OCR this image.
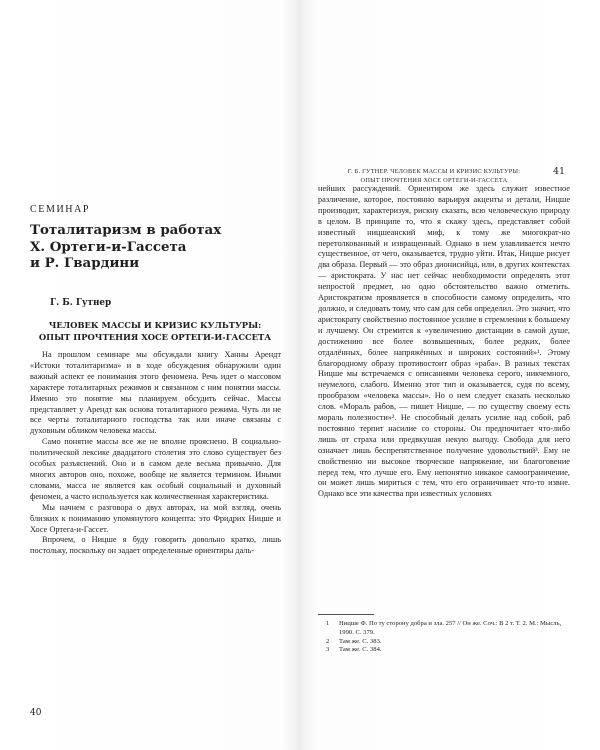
СЕМИНАР
Тоталитаризм в работах
Х. Ортеги-и-Гассета
и Р. Гвардини
Г. Б. Гутнер
ЧЕЛОВЕК МАССЫ И КРИЗИС КУЛЬТУРЫ:
ОПЫТ ПРОЧТЕНИЯ ХОСЕ ОРТЕГИ-И-ГАССЕТА

На прошлом семинаре мы обсуждали книгу Ханны Арендт «Истоки тоталитаризма» и в ходе обсуждения обнаружили один важный аспект ее понимания этого феномена. Речь идет о массовом характере тоталитарных режимов и связанном с ним понятии массы. Именно это понятие мы планируем обсудить сейчас. Массы представляет у Арендт как основа тоталитарного режима. Чуть ли не все черты тоталитарного господства так или иначе связаны с духовным обликом человека массы.

Само понятие массы все же не вполне прояснено. В социально-политической лексике двадцатого столетия это слово существует без особых разъяснений. Оно и в самом деле весьма привычно. Для многих авторов оно, похоже, вообще не является термином. Иными словами, масса не является как особый социальный и духовный феномен, а часто используется как количественная характеристика.

Мы начнем с разговора о двух авторах, на мой взгляд, очень близких к пониманию упомянутого концепта: это Фридрих Ницше и Хосе Ортега-и-Гассет.

Впрочем, о Ницше я буду говорить довольно кратко, лишь постольку, поскольку он задает определенные ориентиры даль-

40
Г. Б. ГУТНЕР. ЧЕЛОВЕК МАССЫ И КРИЗИС КУЛЬТУРЫ:
ОПЫТ ПРОЧТЕНИЯ ХОСЕ ОРТЕГИ-И-ГАССЕТА
41

нейших рассуждений. Ориентиром же здесь служит известное различение, которое, постоянно варьируя акценты и детали, Ницше производит, характеризуя, рискну сказать, всю человеческую природу в целом. В принципе то, что я скажу здесь, представляет собой известный ницшеанский миф, к тому же многократ-но перетолкованный и извращенный. Однако в нем улавливается нечто существенное, от чего, оказывается, трудно уйти. Итак, Ницше рисует два образа. Первый — это образ дионисийца, или, в других контекстах — аристократа. У нас нет сейчас необходимости определять этот непростой предмет, но одно обстоятельство важно отметить. Аристократизм проявляется в способности самому определить, что должно, и следовать тому, что сам для себя определил. Это значит, что аристократу свойственно постоянное усилие в стремлении к большему и лучшему. Он стремится к «увеличению дистанции в самой душе, достижению все более возвышенных, более редких, более отдалённых, более напряжённых и широких состояний»¹. Этому благородному образу противостоит образ «раба». В разных текстах Ницше мы встречаемся с описаниями человека серого, никчемного, неумелого, слабого. Именно этот тип и оказывается, судя по всему, прообразом «человека массы». Но о нем следует сказать несколько слов. «Мораль рабов, — пишет Ницше, — по существу своему есть мораль полезности»². Не способный делать усилие над собой, раб постоянно терпит насилие со стороны. Он предпочитает что-либо лишь от страха или предвкушая некую выгоду. Свобода для него означает лишь беспрепятственное получение удовольствий³. Ему не свойственно ни высокое творческое напряжение, ни благоговение перед тем, что лучше его. Ему непонятно никакое самоограничение, он может лишь мириться с тем, что его ограничивает что-то извне. Однако все эти качества при известных условиях

1	Ницше Ф. По ту сторону добра и зла. 257 // Он же. Соч.: В 2 т. Т. 2. М.: Мысль, 1990. С. 379.
2	Там же. С. 383.
3	Там же. С. 384.
